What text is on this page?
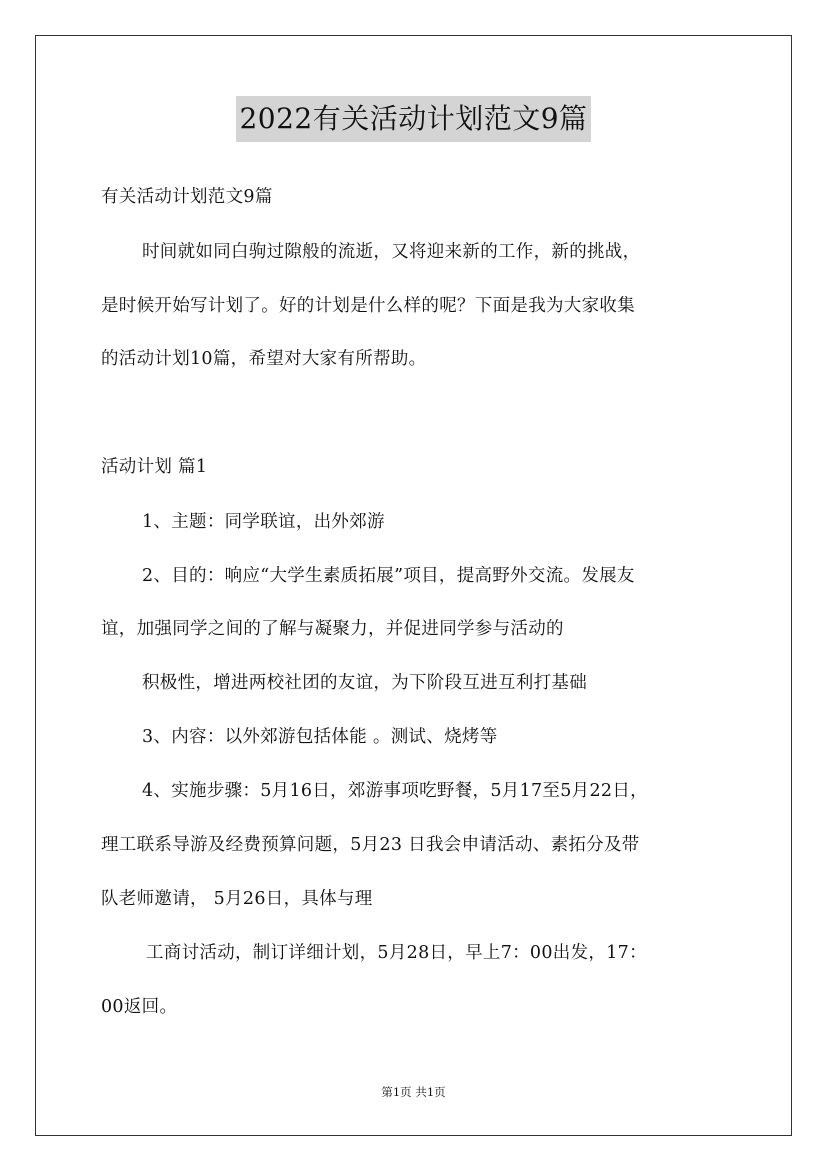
2022有关活动计划范文9篇
有关活动计划范文9篇
时间就如同白驹过隙般的流逝，又将迎来新的工作，新的挑战，
是时候开始写计划了。好的计划是什么样的呢？下面是我为大家收集
的活动计划10篇，希望对大家有所帮助。
活动计划 篇1
1、主题：同学联谊，出外郊游
2、目的：响应“大学生素质拓展”项目，提高野外交流。发展友
谊，加强同学之间的了解与凝聚力，并促进同学参与活动的
积极性，增进两校社团的友谊，为下阶段互进互利打基础
3、内容：以外郊游包括体能 。测试、烧烤等
4、实施步骤：5月16日，郊游事项吃野餐，5月17至5月22日，
理工联系导游及经费预算问题，5月23 日我会申请活动、素拓分及带
队老师邀请， 5月26日，具体与理
工商讨活动，制订详细计划，5月28日，早上7：00出发，17：
00返回。
第1页 共1页
